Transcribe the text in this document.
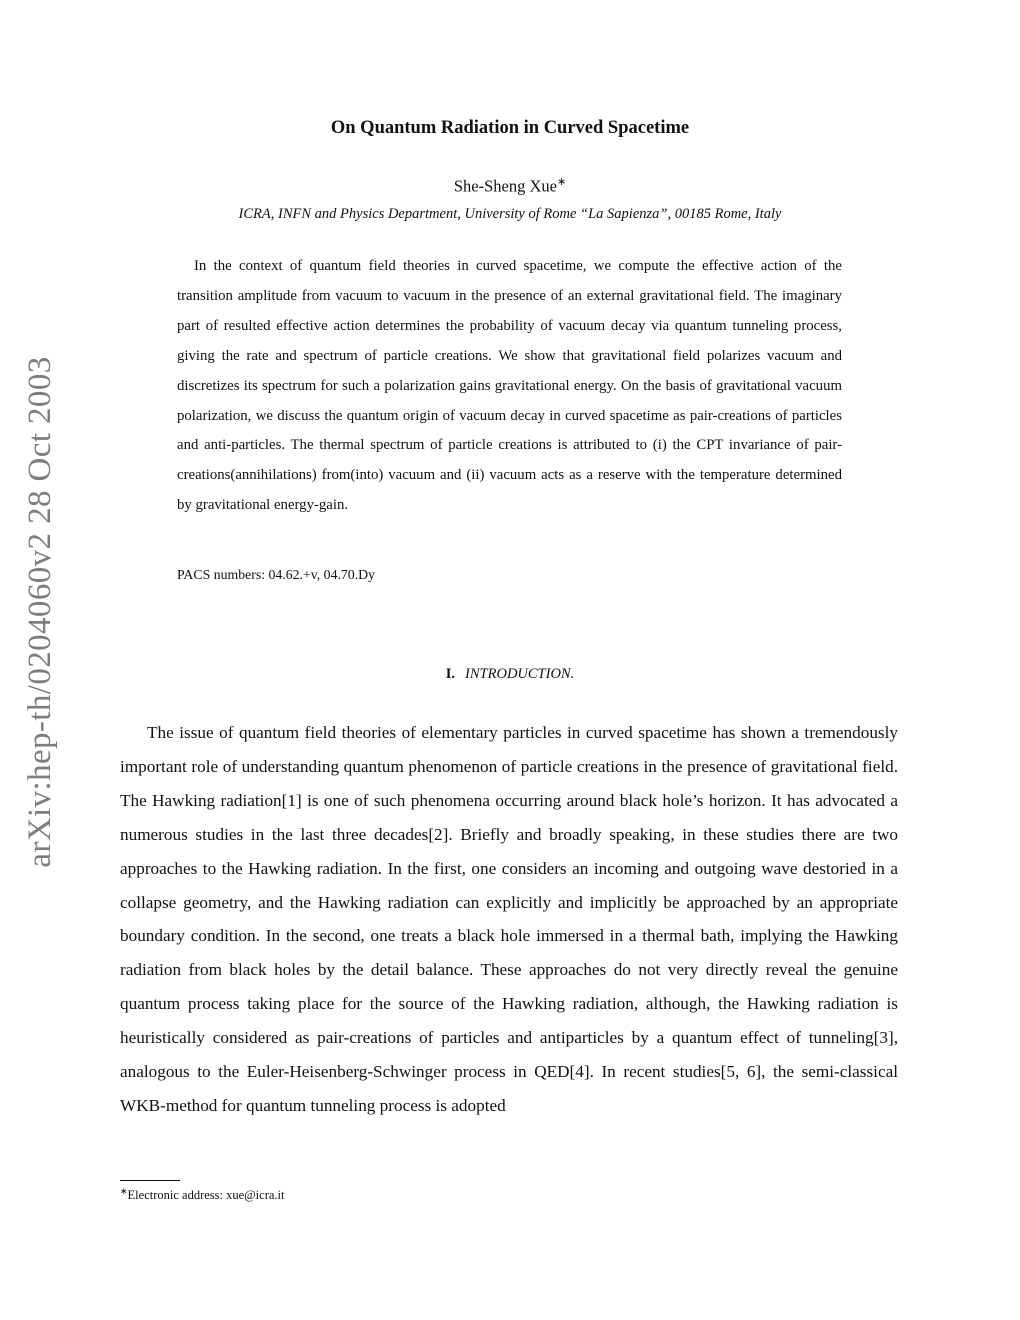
arXiv:hep-th/0204060v2 28 Oct 2003
On Quantum Radiation in Curved Spacetime
She-Sheng Xue∗
ICRA, INFN and Physics Department, University of Rome “La Sapienza”, 00185 Rome, Italy

In the context of quantum field theories in curved spacetime, we compute the effective action of the transition amplitude from vacuum to vacuum in the presence of an external gravitational field. The imaginary part of resulted effective action determines the probability of vacuum decay via quantum tunneling process, giving the rate and spectrum of particle creations. We show that gravitational field polarizes vacuum and discretizes its spectrum for such a polarization gains gravitational energy. On the basis of gravitational vacuum polarization, we discuss the quantum origin of vacuum decay in curved spacetime as pair-creations of particles and anti-particles. The thermal spectrum of particle creations is attributed to (i) the CPT invariance of pair-creations(annihilations) from(into) vacuum and (ii) vacuum acts as a reserve with the temperature determined by gravitational energy-gain.

PACS numbers: 04.62.+v, 04.70.Dy
I. INTRODUCTION.

The issue of quantum field theories of elementary particles in curved spacetime has shown a tremendously important role of understanding quantum phenomenon of particle creations in the presence of gravitational field. The Hawking radiation[1] is one of such phenomena occurring around black hole’s horizon. It has advocated a numerous studies in the last three decades[2]. Briefly and broadly speaking, in these studies there are two approaches to the Hawking radiation. In the first, one considers an incoming and outgoing wave destoried in a collapse geometry, and the Hawking radiation can explicitly and implicitly be approached by an appropriate boundary condition. In the second, one treats a black hole immersed in a thermal bath, implying the Hawking radiation from black holes by the detail balance. These approaches do not very directly reveal the genuine quantum process taking place for the source of the Hawking radiation, although, the Hawking radiation is heuristically considered as pair-creations of particles and antiparticles by a quantum effect of tunneling[3], analogous to the Euler-Heisenberg-Schwinger process in QED[4]. In recent studies[5, 6], the semi-classical WKB-method for quantum tunneling process is adopted

∗Electronic address: xue@icra.it
